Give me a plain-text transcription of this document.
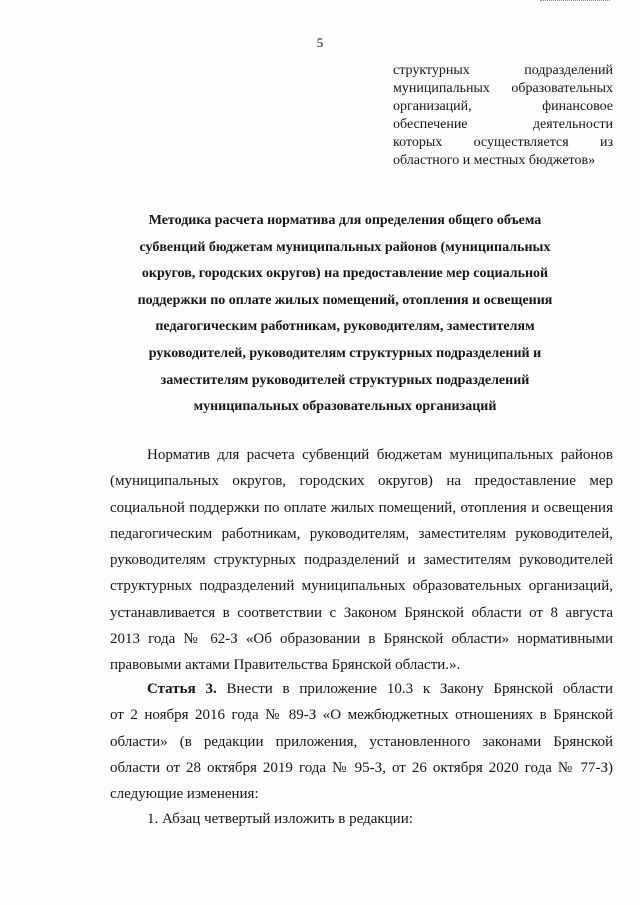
5
структурных подразделений
муниципальных образовательных
организаций, финансовое
обеспечение деятельности
которых осуществляется из
областного и местных бюджетов»
Методика расчета норматива для определения общего объема
субвенций бюджетам муниципальных районов (муниципальных
округов, городских округов) на предоставление мер социальной
поддержки по оплате жилых помещений, отопления и освещения
педагогическим работникам, руководителям, заместителям
руководителей, руководителям структурных подразделений и
заместителям руководителей структурных подразделений
муниципальных образовательных организаций
Норматив для расчета субвенций бюджетам муниципальных районов
(муниципальных округов, городских округов) на предоставление мер
социальной поддержки по оплате жилых помещений, отопления и освещения
педагогическим работникам, руководителям, заместителям руководителей,
руководителям структурных подразделений и заместителям руководителей
структурных подразделений муниципальных образовательных организаций,
устанавливается в соответствии с Законом Брянской области от 8 августа
2013 года № 62-З «Об образовании в Брянской области» нормативными
правовыми актами Правительства Брянской области.».
Статья 3. Внести в приложение 10.3 к Закону Брянской области
от 2 ноября 2016 года № 89-З «О межбюджетных отношениях в Брянской
области» (в редакции приложения, установленного законами Брянской
области от 28 октября 2019 года № 95-З, от 26 октября 2020 года № 77-З)
следующие изменения:
1. Абзац четвертый изложить в редакции:
